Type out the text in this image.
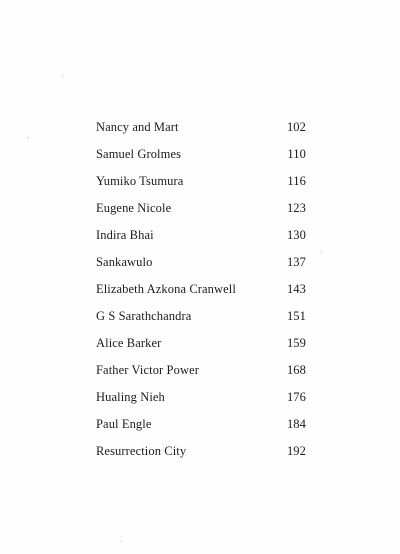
Nancy and Mart	102
Samuel Grolmes	110
Yumiko Tsumura	116
Eugene Nicole	123
Indira Bhai	130
Sankawulo	137
Elizabeth Azkona Cranwell	143
G S Sarathchandra	151
Alice Barker	159
Father Victor Power	168
Hualing Nieh	176
Paul Engle	184
Resurrection City	192
